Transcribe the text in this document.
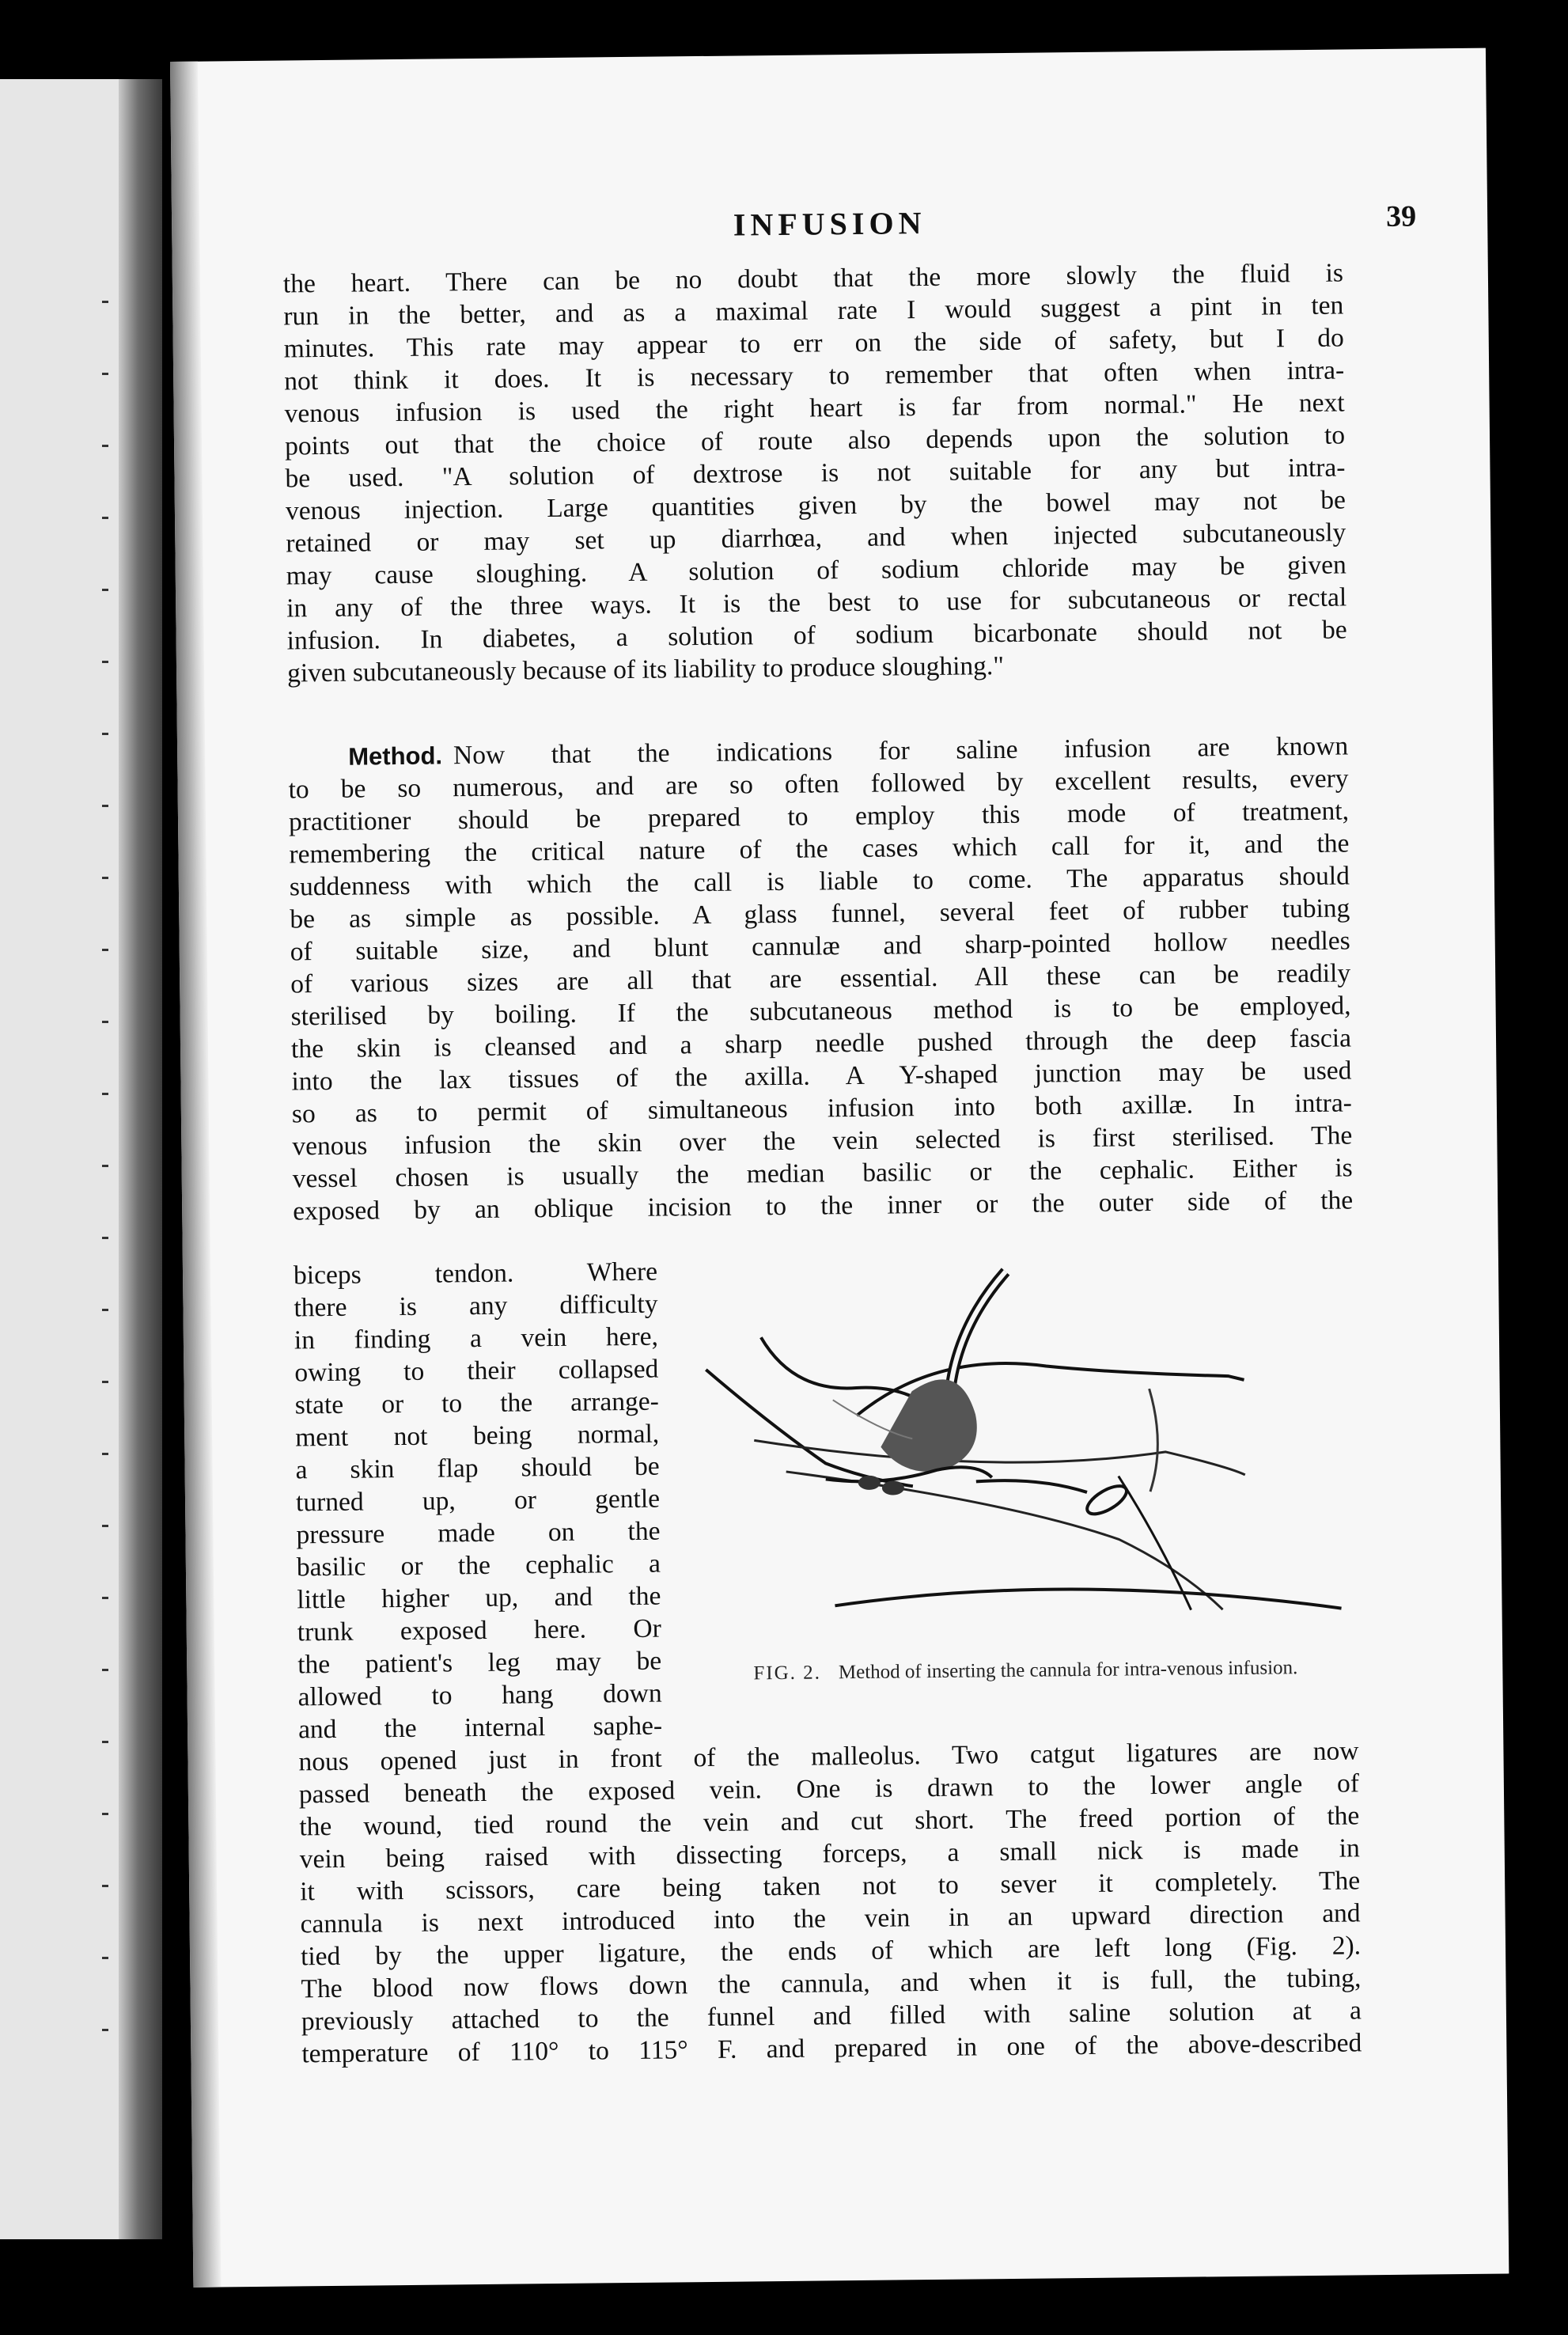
INFUSION	39
the heart. There can be no doubt that the more slowly the fluid is
run in the better, and as a maximal rate I would suggest a pint in ten
minutes. This rate may appear to err on the side of safety, but I do
not think it does. It is necessary to remember that often when intra-
venous infusion is used the right heart is far from normal." He next
points out that the choice of route also depends upon the solution to
be used. "A solution of dextrose is not suitable for any but intra-
venous injection. Large quantities given by the bowel may not be
retained or may set up diarrhœa, and when injected subcutaneously
may cause sloughing. A solution of sodium chloride may be given
in any of the three ways. It is the best to use for subcutaneous or rectal
infusion. In diabetes, a solution of sodium bicarbonate should not be
given subcutaneously because of its liability to produce sloughing."
Method. Now that the indications for saline infusion are known
to be so numerous, and are so often followed by excellent results, every
practitioner should be prepared to employ this mode of treatment,
remembering the critical nature of the cases which call for it, and the
suddenness with which the call is liable to come. The apparatus should
be as simple as possible. A glass funnel, several feet of rubber tubing
of suitable size, and blunt cannulæ and sharp-pointed hollow needles
of various sizes are all that are essential. All these can be readily
sterilised by boiling. If the subcutaneous method is to be employed,
the skin is cleansed and a sharp needle pushed through the deep fascia
into the lax tissues of the axilla. A Y-shaped junction may be used
so as to permit of simultaneous infusion into both axillæ. In intra-
venous infusion the skin over the vein selected is first sterilised. The
vessel chosen is usually the median basilic or the cephalic. Either is
exposed by an oblique incision to the inner or the outer side of the
biceps tendon. Where
there is any difficulty
in finding a vein here,
owing to their collapsed
state or to the arrange-
ment not being normal,
a skin flap should be
turned up, or gentle
pressure made on the
basilic or the cephalic a
little higher up, and the
trunk exposed here. Or
the patient's leg may be
allowed to hang down
and the internal saphe-
FIG. 2. Method of inserting the cannula for intra-venous infusion.
nous opened just in front of the malleolus. Two catgut ligatures are now
passed beneath the exposed vein. One is drawn to the lower angle of
the wound, tied round the vein and cut short. The freed portion of the
vein being raised with dissecting forceps, a small nick is made in
it with scissors, care being taken not to sever it completely. The
cannula is next introduced into the vein in an upward direction and
tied by the upper ligature, the ends of which are left long (Fig. 2).
The blood now flows down the cannula, and when it is full, the tubing,
previously attached to the funnel and filled with saline solution at a
temperature of 110° to 115° F. and prepared in one of the above-described
